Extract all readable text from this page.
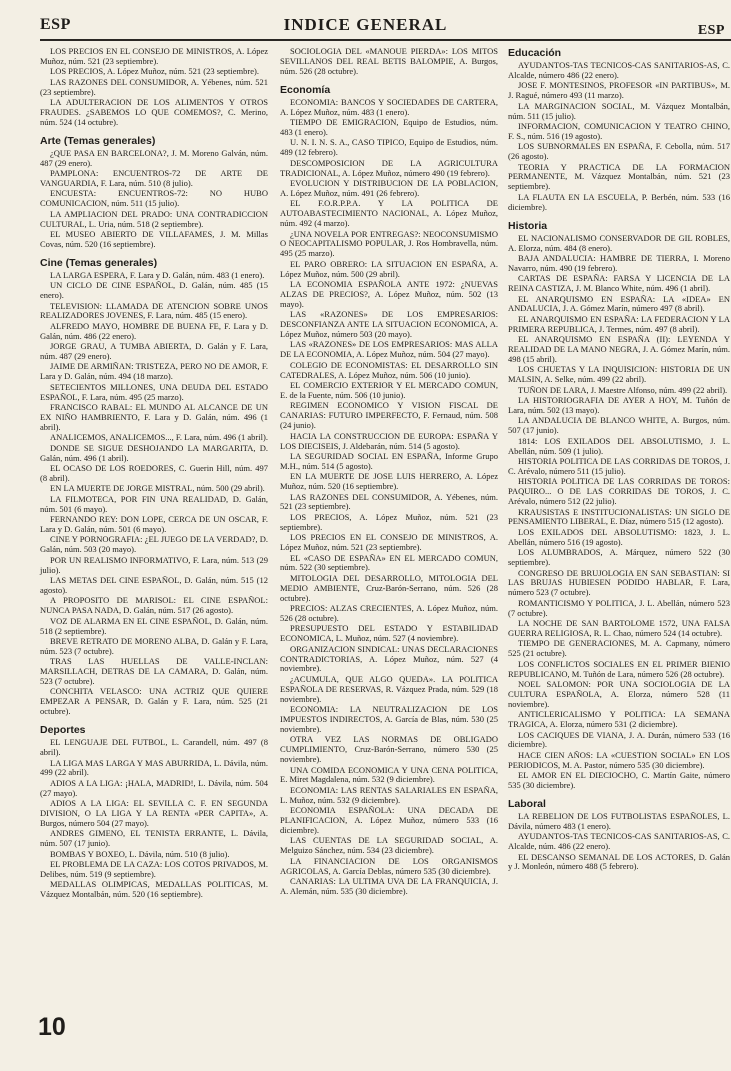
ESP	INDICE GENERAL	ESP
LOS PRECIOS EN EL CONSEJO DE MINISTROS, A. López Muñoz, núm. 521 (23 septiembre).
LOS PRECIOS, A. López Muñoz, núm. 521 (23 septiembre).
LAS RAZONES DEL CONSUMIDOR, A. Yébenes, núm. 521 (23 septiembre).
LA ADULTERACION DE LOS ALIMENTOS Y OTROS FRAUDES. ¿SABEMOS LO QUE COMEMOS?, C. Merino, núm. 524 (14 octubre).
Arte (Temas generales)
¿QUE PASA EN BARCELONA?, J. M. Moreno Galván, núm. 487 (29 enero).
PAMPLONA: ENCUENTROS-72 DE ARTE DE VANGUARDIA, F. Lara, núm. 510 (8 julio).
ENCUESTA: ENCUENTROS-72: NO HUBO COMUNICACION, núm. 511 (15 julio).
LA AMPLIACION DEL PRADO: UNA CONTRADICCION CULTURAL, L. Uria, núm. 518 (2 septiembre).
EL MUSEO ABIERTO DE VILLAFAMES, J. M. Millas Covas, núm. 520 (16 septiembre).
Cine (Temas generales)
LA LARGA ESPERA, F. Lara y D. Galán, núm. 483 (1 enero).
UN CICLO DE CINE ESPAÑOL, D. Galán, núm. 485 (15 enero).
TELEVISION: LLAMADA DE ATENCION SOBRE UNOS REALIZADORES JOVENES, F. Lara, núm. 485 (15 enero).
ALFREDO MAYO, HOMBRE DE BUENA FE, F. Lara y D. Galán, núm. 486 (22 enero).
JORGE GRAU, A TUMBA ABIERTA, D. Galán y F. Lara, núm. 487 (29 enero).
JAIME DE ARMIÑAN: TRISTEZA, PERO NO DE AMOR, F. Lara y D. Galán, núm. 494 (18 marzo).
SETECIENTOS MILLONES, UNA DEUDA DEL ESTADO ESPAÑOL, F. Lara, núm. 495 (25 marzo).
FRANCISCO RABAL: EL MUNDO AL ALCANCE DE UN EX NIÑO HAMBRIENTO, F. Lara y D. Galán, núm. 496 (1 abril).
ANALICEMOS, ANALICEMOS..., F. Lara, núm. 496 (1 abril).
DONDE SE SIGUE DESHOJANDO LA MARGARITA, D. Galán, núm. 496 (1 abril).
EL OCASO DE LOS ROEDORES, C. Guerin Hill, núm. 497 (8 abril).
EN LA MUERTE DE JORGE MISTRAL, núm. 500 (29 abril).
LA FILMOTECA, POR FIN UNA REALIDAD, D. Galán, núm. 501 (6 mayo).
FERNANDO REY: DON LOPE, CERCA DE UN OSCAR, F. Lara y D. Galán, núm. 501 (6 mayo).
CINE Y PORNOGRAFIA: ¿EL JUEGO DE LA VERDAD?, D. Galán, núm. 503 (20 mayo).
POR UN REALISMO INFORMATIVO, F. Lara, núm. 513 (29 julio).
LAS METAS DEL CINE ESPAÑOL, D. Galán, núm. 515 (12 agosto).
A PROPOSITO DE MARISOL: EL CINE ESPAÑOL: NUNCA PASA NADA, D. Galán, núm. 517 (26 agosto).
VOZ DE ALARMA EN EL CINE ESPAÑOL, D. Galán, núm. 518 (2 septiembre).
BREVE RETRATO DE MORENO ALBA, D. Galán y F. Lara, núm. 523 (7 octubre).
TRAS LAS HUELLAS DE VALLE-INCLAN: MARSILLACH, DETRAS DE LA CAMARA, D. Galán, núm. 523 (7 octubre).
CONCHITA VELASCO: UNA ACTRIZ QUE QUIERE EMPEZAR A PENSAR, D. Galán y F. Lara, núm. 525 (21 octubre).
Deportes
EL LENGUAJE DEL FUTBOL, L. Carandell, núm. 497 (8 abril).
LA LIGA MAS LARGA Y MAS ABURRIDA, L. Dávila, núm. 499 (22 abril).
ADIOS A LA LIGA: ¡HALA, MADRID!, L. Dávila, núm. 504 (27 mayo).
ADIOS A LA LIGA: EL SEVILLA C. F. EN SEGUNDA DIVISION, O LA LIGA Y LA RENTA «PER CAPITA», A. Burgos, número 504 (27 mayo).
ANDRES GIMENO, EL TENISTA ERRANTE, L. Dávila, núm. 507 (17 junio).
BOMBAS Y BOXEO, L. Dávila, núm. 510 (8 julio).
EL PROBLEMA DE LA CAZA: LOS COTOS PRIVADOS, M. Delibes, núm. 519 (9 septiembre).
MEDALLAS OLIMPICAS, MEDALLAS POLITICAS, M. Vázquez Montalbán, núm. 520 (16 septiembre).
SOCIOLOGIA DEL «MANOUE PIERDA»: LOS MITOS SEVILLANOS DEL REAL BETIS BALOMPIE, A. Burgos, núm. 526 (28 octubre).
Economía
ECONOMIA: BANCOS Y SOCIEDADES DE CARTERA, A. López Muñoz, núm. 483 (1 enero).
TIEMPO DE EMIGRACION, Equipo de Estudios, núm. 483 (1 enero).
U. N. I. N. S. A., CASO TIPICO, Equipo de Estudios, núm. 489 (12 febrero).
DESCOMPOSICION DE LA AGRICULTURA TRADICIONAL, A. López Muñoz, número 490 (19 febrero).
EVOLUCION Y DISTRIBUCION DE LA POBLACION, A. López Muñoz, núm. 491 (26 febrero).
EL F.O.R.P.P.A. Y LA POLITICA DE AUTOABASTECIMIENTO NACIONAL, A. López Muñoz, núm. 492 (4 marzo).
¿UNA NOVELA POR ENTREGAS?: NEOCONSUMISMO O NEOCAPITALISMO POPULAR, J. Ros Hombravella, núm. 495 (25 marzo).
EL PARO OBRERO: LA SITUACION EN ESPAÑA, A. López Muñoz, núm. 500 (29 abril).
LA ECONOMIA ESPAÑOLA ANTE 1972: ¿NUEVAS ALZAS DE PRECIOS?, A. López Muñoz, núm. 502 (13 mayo).
LAS «RAZONES» DE LOS EMPRESARIOS: DESCONFIANZA ANTE LA SITUACION ECONOMICA, A. López Muñoz, número 503 (20 mayo).
LAS «RAZONES» DE LOS EMPRESARIOS: MAS ALLA DE LA ECONOMIA, A. López Muñoz, núm. 504 (27 mayo).
COLEGIO DE ECONOMISTAS: EL DESARROLLO SIN CATEDRALES, A. López Muñoz, núm. 506 (10 junio).
EL COMERCIO EXTERIOR Y EL MERCADO COMUN, E. de la Fuente, núm. 506 (10 junio).
REGIMEN ECONOMICO Y VISION FISCAL DE CANARIAS: FUTURO IMPERFECTO, F. Fernaud, núm. 508 (24 junio).
HACIA LA CONSTRUCCION DE EUROPA: ESPAÑA Y LOS DIECISEIS, J. Aldebarán, núm. 514 (5 agosto).
LA SEGURIDAD SOCIAL EN ESPAÑA, Informe Grupo M.H., núm. 514 (5 agosto).
EN LA MUERTE DE JOSE LUIS HERRERO, A. López Muñoz, núm. 520 (16 septiembre).
LAS RAZONES DEL CONSUMIDOR, A. Yébenes, núm. 521 (23 septiembre).
LOS PRECIOS, A. López Muñoz, núm. 521 (23 septiembre).
LOS PRECIOS EN EL CONSEJO DE MINISTROS, A. López Muñoz, núm. 521 (23 septiembre).
EL «CASO DE ESPAÑA» EN EL MERCADO COMUN, núm. 522 (30 septiembre).
MITOLOGIA DEL DESARROLLO, MITOLOGIA DEL MEDIO AMBIENTE, Cruz-Barón-Serrano, núm. 526 (28 octubre).
PRECIOS: ALZAS CRECIENTES, A. López Muñoz, núm. 526 (28 octubre).
PRESUPUESTO DEL ESTADO Y ESTABILIDAD ECONOMICA, L. Muñoz, núm. 527 (4 noviembre).
ORGANIZACION SINDICAL: UNAS DECLARACIONES CONTRADICTORIAS, A. López Muñoz, núm. 527 (4 noviembre).
¿ACUMULA, QUE ALGO QUEDA». LA POLITICA ESPAÑOLA DE RESERVAS, R. Vázquez Prada, núm. 529 (18 noviembre).
ECONOMIA: LA NEUTRALIZACION DE LOS IMPUESTOS INDIRECTOS, A. García de Blas, núm. 530 (25 noviembre).
OTRA VEZ LAS NORMAS DE OBLIGADO CUMPLIMIENTO, Cruz-Barón-Serrano, número 530 (25 noviembre).
UNA COMIDA ECONOMICA Y UNA CENA POLITICA, E. Miret Magdalena, núm. 532 (9 diciembre).
ECONOMIA: LAS RENTAS SALARIALES EN ESPAÑA, L. Muñoz, núm. 532 (9 diciembre).
ECONOMIA ESPAÑOLA: UNA DECADA DE PLANIFICACION, A. López Muñoz, número 533 (16 diciembre).
LAS CUENTAS DE LA SEGURIDAD SOCIAL, A. Melguizo Sánchez, núm. 534 (23 diciembre).
LA FINANCIACION DE LOS ORGANISMOS AGRICOLAS, A. García Deblas, número 535 (30 diciembre).
CANARIAS: LA ULTIMA UVA DE LA FRANQUICIA, J. A. Alemán, núm. 535 (30 diciembre).
Educación
AYUDANTOS-TAS TECNICOS-CAS SANITARIOS-AS, C. Alcalde, número 486 (22 enero).
JOSE F. MONTESINOS, PROFESOR «IN PARTIBUS», M. J. Ragué, número 493 (11 marzo).
LA MARGINACION SOCIAL, M. Vázquez Montalbán, núm. 511 (15 julio).
INFORMACION, COMUNICACION Y TEATRO CHINO, F. S., núm. 516 (19 agosto).
LOS SUBNORMALES EN ESPAÑA, F. Cebolla, núm. 517 (26 agosto).
TEORIA Y PRACTICA DE LA FORMACION PERMANENTE, M. Vázquez Montalbán, núm. 521 (23 septiembre).
LA FLAUTA EN LA ESCUELA, P. Berbén, núm. 533 (16 diciembre).
Historia
EL NACIONALISMO CONSERVADOR DE GIL ROBLES, A. Elorza, núm. 484 (8 enero).
BAJA ANDALUCIA: HAMBRE DE TIERRA, I. Moreno Navarro, núm. 490 (19 febrero).
CARTAS DE ESPAÑA: FARSA Y LICENCIA DE LA REINA CASTIZA, J. M. Blanco White, núm. 496 (1 abril).
EL ANARQUISMO EN ESPAÑA: LA «IDEA» EN ANDALUCIA, J. A. Gómez Marín, número 497 (8 abril).
EL ANARQUISMO EN ESPAÑA: LA FEDERACION Y LA PRIMERA REPUBLICA, J. Termes, núm. 497 (8 abril).
EL ANARQUISMO EN ESPAÑA (II): LEYENDA Y REALIDAD DE LA MANO NEGRA, J. A. Gómez Marín, núm. 498 (15 abril).
LOS CHUETAS Y LA INQUISICION: HISTORIA DE UN MALSIN, A. Selke, núm. 499 (22 abril).
TUÑON DE LARA, J. Maestre Alfonso, núm. 499 (22 abril).
LA HISTORIOGRAFIA DE AYER A HOY, M. Tuñón de Lara, núm. 502 (13 mayo).
LA ANDALUCIA DE BLANCO WHITE, A. Burgos, núm. 507 (17 junio).
1814: LOS EXILADOS DEL ABSOLUTISMO, J. L. Abellán, núm. 509 (1 julio).
HISTORIA POLITICA DE LAS CORRIDAS DE TOROS, J. C. Arévalo, número 511 (15 julio).
HISTORIA POLITICA DE LAS CORRIDAS DE TOROS: PAQUIRO... O DE LAS CORRIDAS DE TOROS, J. C. Arévalo, número 512 (22 julio).
KRAUSISTAS E INSTITUCIONALISTAS: UN SIGLO DE PENSAMIENTO LIBERAL, E. Díaz, número 515 (12 agosto).
LOS EXILADOS DEL ABSOLUTISMO: 1823, J. L. Abellán, número 516 (19 agosto).
LOS ALUMBRADOS, A. Márquez, número 522 (30 septiembre).
CONGRESO DE BRUJOLOGIA EN SAN SEBASTIAN: SI LAS BRUJAS HUBIESEN PODIDO HABLAR, F. Lara, número 523 (7 octubre).
ROMANTICISMO Y POLITICA, J. L. Abellán, número 523 (7 octubre).
LA NOCHE DE SAN BARTOLOME 1572, UNA FALSA GUERRA RELIGIOSA, R. L. Chao, número 524 (14 octubre).
TIEMPO DE GENERACIONES, M. A. Capmany, número 525 (21 octubre).
LOS CONFLICTOS SOCIALES EN EL PRIMER BIENIO REPUBLICANO, M. Tuñón de Lara, número 526 (28 octubre).
NOEL SALOMON: POR UNA SOCIOLOGIA DE LA CULTURA ESPAÑOLA, A. Elorza, número 528 (11 noviembre).
ANTICLERICALISMO Y POLITICA: LA SEMANA TRAGICA, A. Elorza, número 531 (2 diciembre).
LOS CACIQUES DE VIANA, J. A. Durán, número 533 (16 diciembre).
HACE CIEN AÑOS: LA «CUESTION SOCIAL» EN LOS PERIODICOS, M. A. Pastor, número 535 (30 diciembre).
EL AMOR EN EL DIECIOCHO, C. Martín Gaite, número 535 (30 diciembre).
Laboral
LA REBELION DE LOS FUTBOLISTAS ESPAÑOLES, L. Dávila, número 483 (1 enero).
AYUDANTOS-TAS TECNICOS-CAS SANITARIOS-AS, C. Alcalde, núm. 486 (22 enero).
EL DESCANSO SEMANAL DE LOS ACTORES, D. Galán y J. Monleón, número 488 (5 febrero).
10
